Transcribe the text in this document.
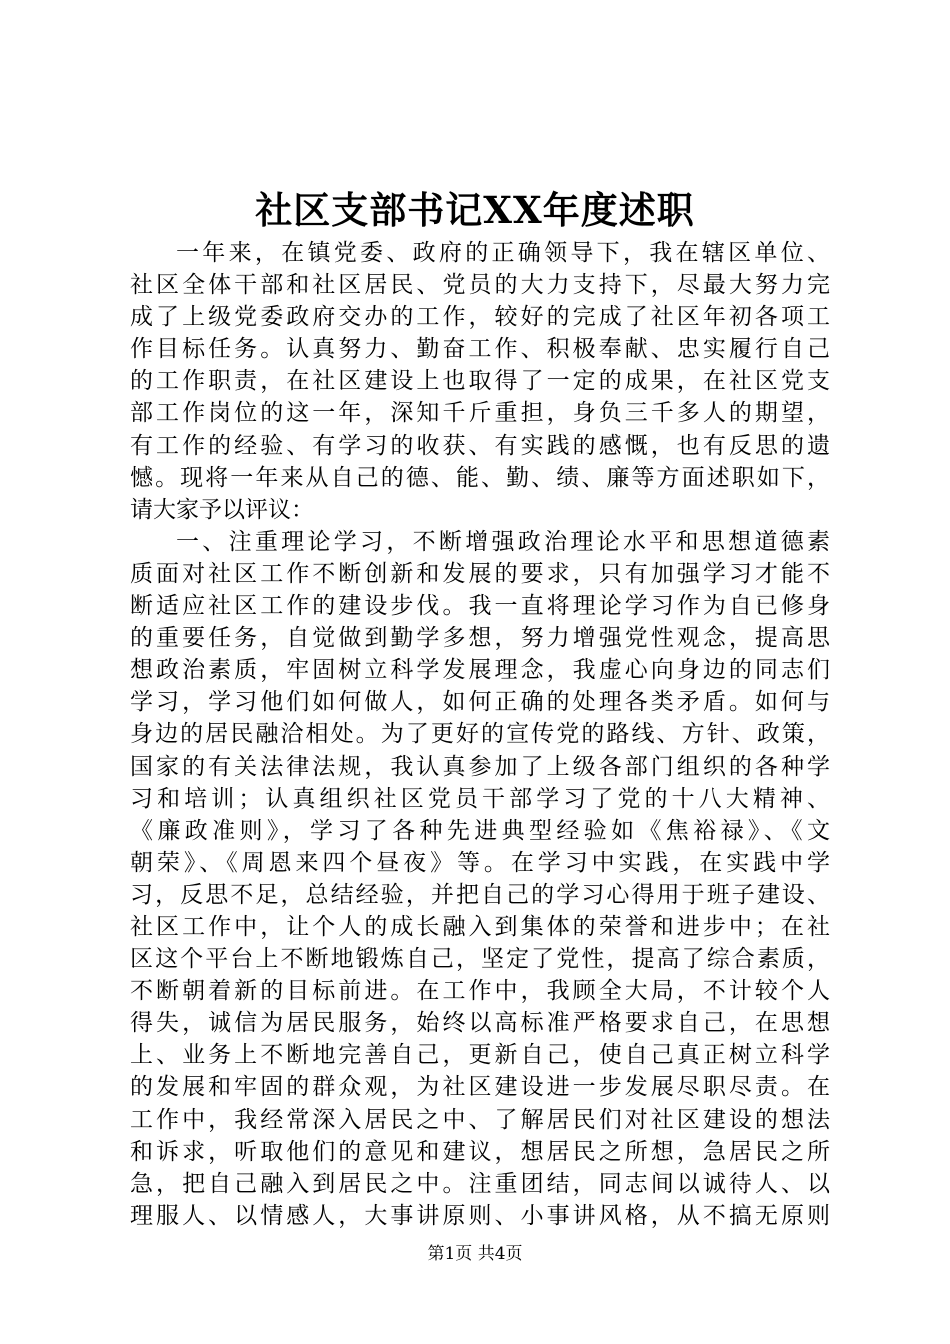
社区支部书记XX年度述职
一年来，在镇党委、政府的正确领导下，我在辖区单位、
社区全体干部和社区居民、党员的大力支持下，尽最大努力完
成了上级党委政府交办的工作，较好的完成了社区年初各项工
作目标任务。认真努力、勤奋工作、积极奉献、忠实履行自己
的工作职责，在社区建设上也取得了一定的成果，在社区党支
部工作岗位的这一年，深知千斤重担，身负三千多人的期望，
有工作的经验、有学习的收获、有实践的感慨，也有反思的遗
憾。现将一年来从自己的德、能、勤、绩、廉等方面述职如下，
请大家予以评议：
一、注重理论学习，不断增强政治理论水平和思想道德素
质面对社区工作不断创新和发展的要求，只有加强学习才能不
断适应社区工作的建设步伐。我一直将理论学习作为自已修身
的重要任务，自觉做到勤学多想，努力增强党性观念，提高思
想政治素质，牢固树立科学发展理念，我虚心向身边的同志们
学习，学习他们如何做人，如何正确的处理各类矛盾。如何与
身边的居民融洽相处。为了更好的宣传党的路线、方针、政策，
国家的有关法律法规，我认真参加了上级各部门组织的各种学
习和培训；认真组织社区党员干部学习了党的十八大精神、
《廉政准则》，学习了各种先进典型经验如《焦裕禄》、《文
朝荣》、《周恩来四个昼夜》等。在学习中实践，在实践中学
习，反思不足，总结经验，并把自己的学习心得用于班子建设、
社区工作中，让个人的成长融入到集体的荣誉和进步中；在社
区这个平台上不断地锻炼自己，坚定了党性，提高了综合素质，
不断朝着新的目标前进。在工作中，我顾全大局，不计较个人
得失，诚信为居民服务，始终以高标准严格要求自己，在思想
上、业务上不断地完善自己，更新自己，使自己真正树立科学
的发展和牢固的群众观，为社区建设进一步发展尽职尽责。在
工作中，我经常深入居民之中、了解居民们对社区建设的想法
和诉求，听取他们的意见和建议，想居民之所想，急居民之所
急，把自己融入到居民之中。注重团结，同志间以诚待人、以
理服人、以情感人，大事讲原则、小事讲风格，从不搞无原则
第1页 共4页
